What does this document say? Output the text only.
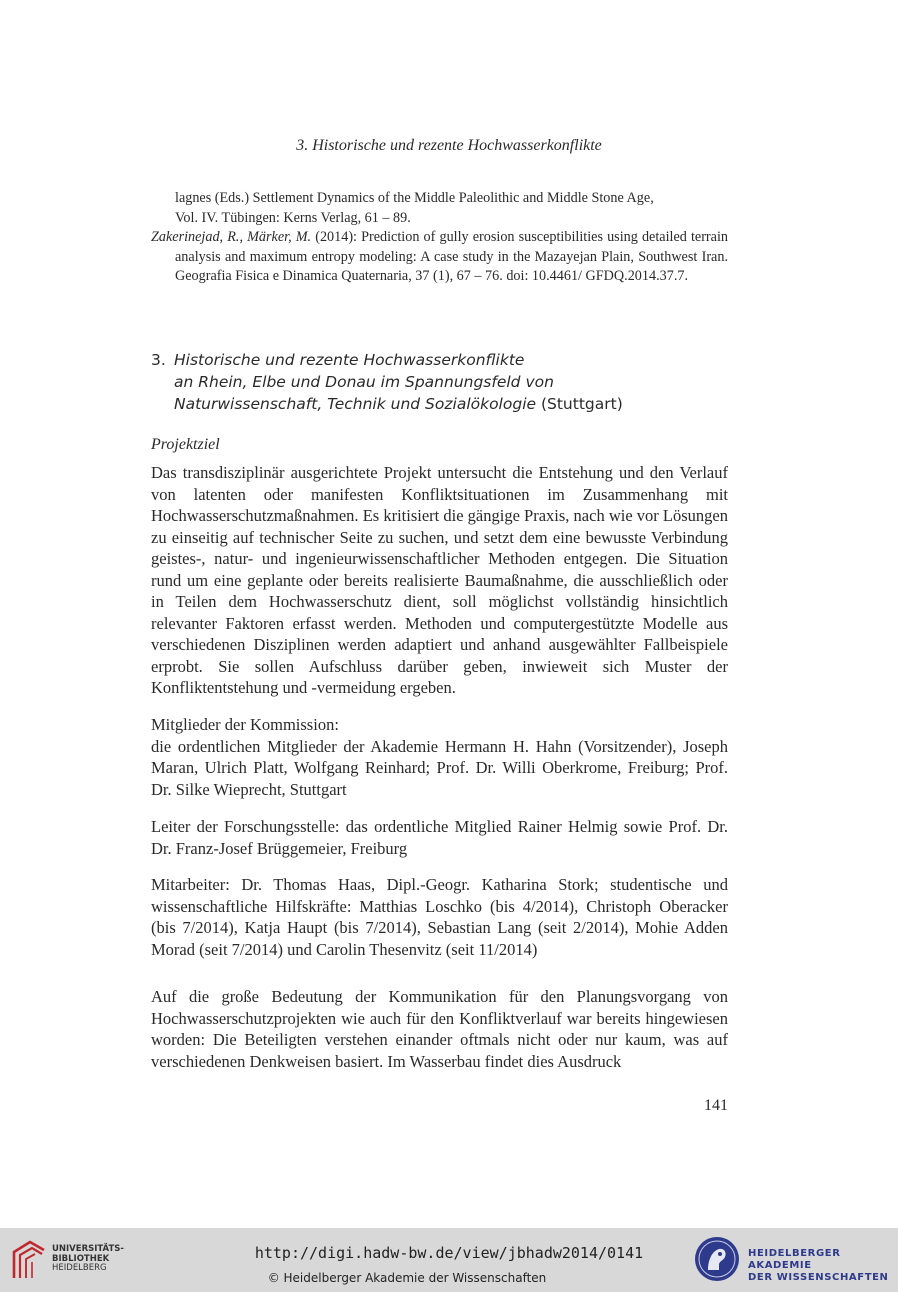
3. Historische und rezente Hochwasserkonflikte

lagnes (Eds.) Settlement Dynamics of the Middle Paleolithic and Middle Stone Age,
Vol. IV. Tübingen: Kerns Verlag, 61 – 89.

Zakerinejad, R., Märker, M. (2014): Prediction of gully erosion susceptibilities using detailed terrain analysis and maximum entropy modeling: A case study in the Mazayejan Plain, Southwest Iran. Geografia Fisica e Dinamica Quaternaria, 37 (1), 67 – 76. doi: 10.4461/ GFDQ.2014.37.7.

3. Historische und rezente Hochwasserkonflikte
an Rhein, Elbe und Donau im Spannungsfeld von
Naturwissenschaft, Technik und Sozialökologie (Stuttgart)

Projektziel

Das transdisziplinär ausgerichtete Projekt untersucht die Entstehung und den Verlauf von latenten oder manifesten Konfliktsituationen im Zusammenhang mit Hochwasserschutzmaßnahmen. Es kritisiert die gängige Praxis, nach wie vor Lösungen zu einseitig auf technischer Seite zu suchen, und setzt dem eine bewusste Verbindung geistes-, natur- und ingenieurwissenschaftlicher Methoden entgegen. Die Situation rund um eine geplante oder bereits realisierte Baumaßnahme, die ausschließlich oder in Teilen dem Hochwasserschutz dient, soll möglichst vollständig hinsichtlich relevanter Faktoren erfasst werden. Methoden und computergestützte Modelle aus verschiedenen Disziplinen werden adaptiert und anhand ausgewählter Fallbeispiele erprobt. Sie sollen Aufschluss darüber geben, inwieweit sich Muster der Konfliktentstehung und -vermeidung ergeben.

Mitglieder der Kommission:

die ordentlichen Mitglieder der Akademie Hermann H. Hahn (Vorsitzender), Joseph Maran, Ulrich Platt, Wolfgang Reinhard; Prof. Dr. Willi Oberkrome, Freiburg; Prof. Dr. Silke Wieprecht, Stuttgart

Leiter der Forschungsstelle: das ordentliche Mitglied Rainer Helmig sowie Prof. Dr. Dr. Franz-Josef Brüggemeier, Freiburg

Mitarbeiter: Dr. Thomas Haas, Dipl.-Geogr. Katharina Stork; studentische und wissenschaftliche Hilfskräfte: Matthias Loschko (bis 4/2014), Christoph Oberacker (bis 7/2014), Katja Haupt (bis 7/2014), Sebastian Lang (seit 2/2014), Mohie Adden Morad (seit 7/2014) und Carolin Thesenvitz (seit 11/2014)

Auf die große Bedeutung der Kommunikation für den Planungsvorgang von Hochwasserschutzprojekten wie auch für den Konfliktverlauf war bereits hingewiesen worden: Die Beteiligten verstehen einander oftmals nicht oder nur kaum, was auf verschiedenen Denkweisen basiert. Im Wasserbau findet dies Ausdruck

141
UNIVERSITÄTS-
BIBLIOTHEK
HEIDELBERG
http://digi.hadw-bw.de/view/jbhadw2014/0141
© Heidelberger Akademie der Wissenschaften
HEIDELBERGER AKADEMIE
DER WISSENSCHAFTEN
